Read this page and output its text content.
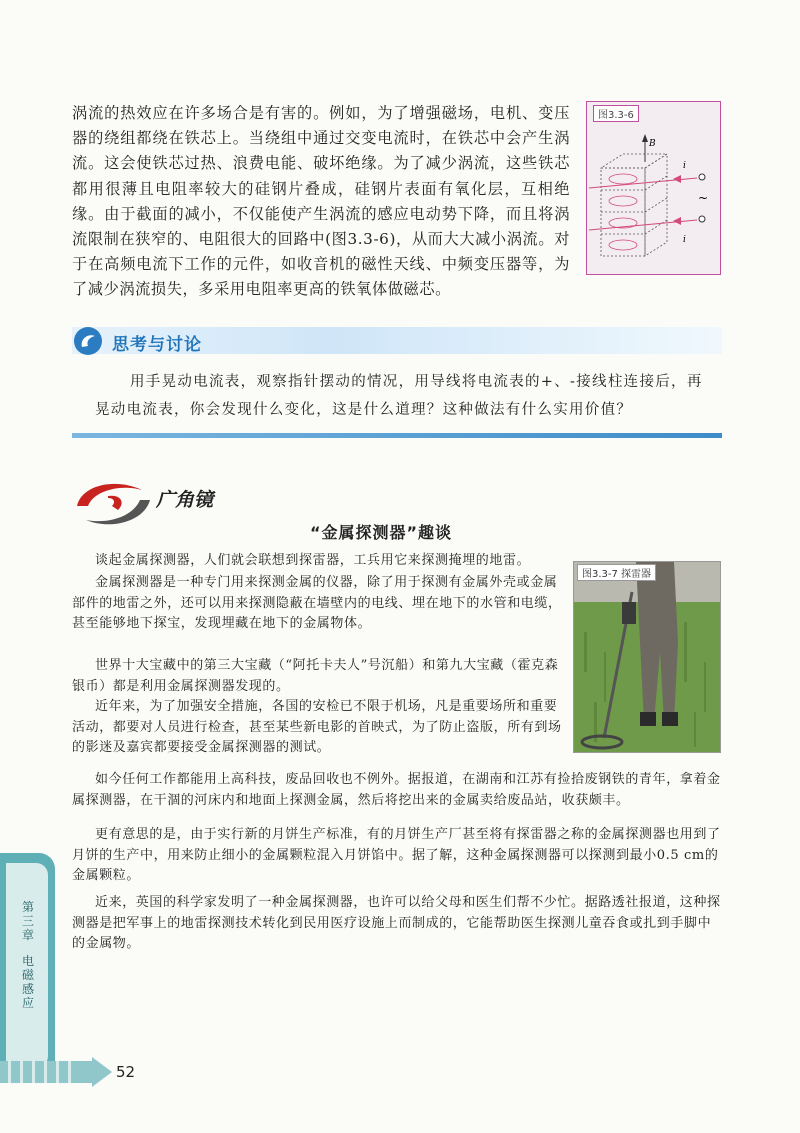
涡流的热效应在许多场合是有害的。例如，为了增强磁场，电机、变压器的绕组都绕在铁芯上。当绕组中通过交变电流时，在铁芯中会产生涡流。这会使铁芯过热、浪费电能、破坏绝缘。为了减少涡流，这些铁芯都用很薄且电阻率较大的硅钢片叠成，硅钢片表面有氧化层，互相绝缘。由于截面的减小，不仅能使产生涡流的感应电动势下降，而且将涡流限制在狭窄的、电阻很大的回路中(图3.3-6)，从而大大减小涡流。对于在高频电流下工作的元件，如收音机的磁性天线、中频变压器等，为了减少涡流损失，多采用电阻率更高的铁氧体做磁芯。

图3.3-6
B
i
i
~
思考与讨论

用手晃动电流表，观察指针摆动的情况，用导线将电流表的+、-接线柱连接后，再晃动电流表，你会发现什么变化，这是什么道理？这种做法有什么实用价值？

广角镜
“金属探测器”趣谈

谈起金属探测器，人们就会联想到探雷器，工兵用它来探测掩埋的地雷。

金属探测器是一种专门用来探测金属的仪器，除了用于探测有金属外壳或金属部件的地雷之外，还可以用来探测隐蔽在墙壁内的电线、埋在地下的水管和电缆，甚至能够地下探宝，发现埋藏在地下的金属物体。

世界十大宝藏中的第三大宝藏（“阿托卡夫人”号沉船）和第九大宝藏（霍克森银币）都是利用金属探测器发现的。

近年来，为了加强安全措施，各国的安检已不限于机场，凡是重要场所和重要活动，都要对人员进行检查，甚至某些新电影的首映式，为了防止盗版，所有到场的影迷及嘉宾都要接受金属探测器的测试。

如今任何工作都能用上高科技，废品回收也不例外。据报道，在湖南和江苏有捡拾废钢铁的青年，拿着金属探测器，在干涸的河床内和地面上探测金属，然后将挖出来的金属卖给废品站，收获颇丰。

更有意思的是，由于实行新的月饼生产标准，有的月饼生产厂甚至将有探雷器之称的金属探测器也用到了月饼的生产中，用来防止细小的金属颗粒混入月饼馅中。据了解，这种金属探测器可以探测到最小0.5 cm的金属颗粒。

近来，英国的科学家发明了一种金属探测器，也许可以给父母和医生们帮不少忙。据路透社报道，这种探测器是把军事上的地雷探测技术转化到民用医疗设施上而制成的，它能帮助医生探测儿童吞食或扎到手脚中的金属物。

图3.3-7 探雷器
第三章
电磁感应
52
